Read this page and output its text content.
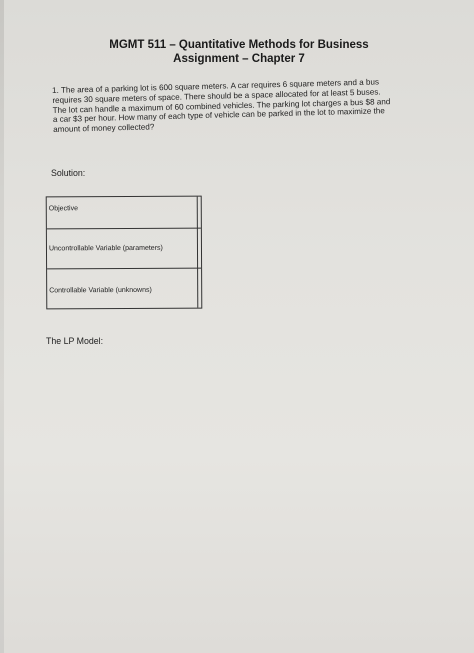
MGMT 511 – Quantitative Methods for Business
Assignment – Chapter 7
1. The area of a parking lot is 600 square meters. A car requires 6 square meters and a bus requires 30 square meters of space. There should be a space allocated for at least 5 buses. The lot can handle a maximum of 60 combined vehicles. The parking lot charges a bus $8 and a car $3 per hour. How many of each type of vehicle can be parked in the lot to maximize the amount of money collected?
Solution:
Objective
Uncontrollable Variable (parameters)
Controllable Variable (unknowns)
The LP Model:
